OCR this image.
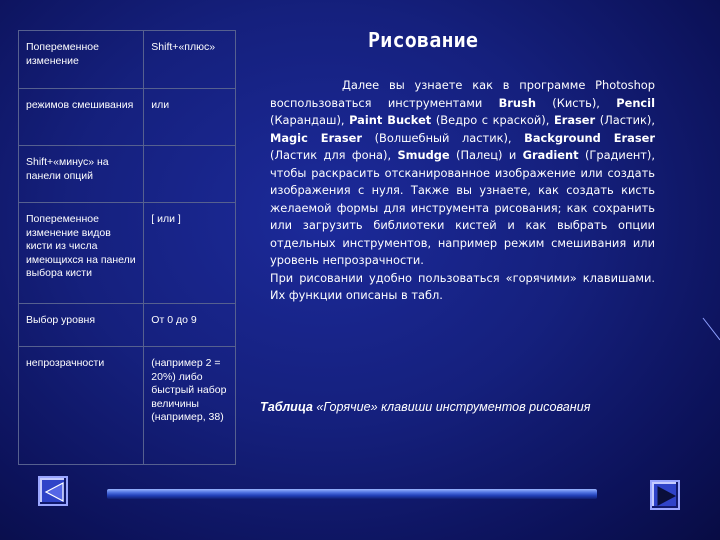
Попеременное изменение	Shift+«плюс»
режимов смешивания	или
Shift+«минус» на панели опций	
Попеременное изменение видов кисти из числа имеющихся на панели выбора кисти	[ или ]
Выбор уровня	От 0 до 9
непрозрачности	(например 2 = 20%) либо быстрый набор величины (например, 38)
Рисование

Далее вы узнаете как в программе Photoshop воспользоваться инструментами Brush (Кисть), Pencil (Карандаш), Paint Bucket (Ведро с краской), Eraser (Ластик), Magic Eraser (Волшебный ластик), Background Eraser (Ластик для фона), Smudge (Палец) и Gradient (Градиент), чтобы раскрасить отсканированное изображение или создать изображения с нуля. Также вы узнаете, как создать кисть желаемой формы для инструмента рисования; как сохранить или загрузить библиотеки кистей и как выбрать опции отдельных инструментов, например режим смешивания или уровень непрозрачности.
При рисовании удобно пользоваться «горячими» клавишами. Их функции описаны в табл.

Таблица «Горячие» клавиши инструментов рисования
